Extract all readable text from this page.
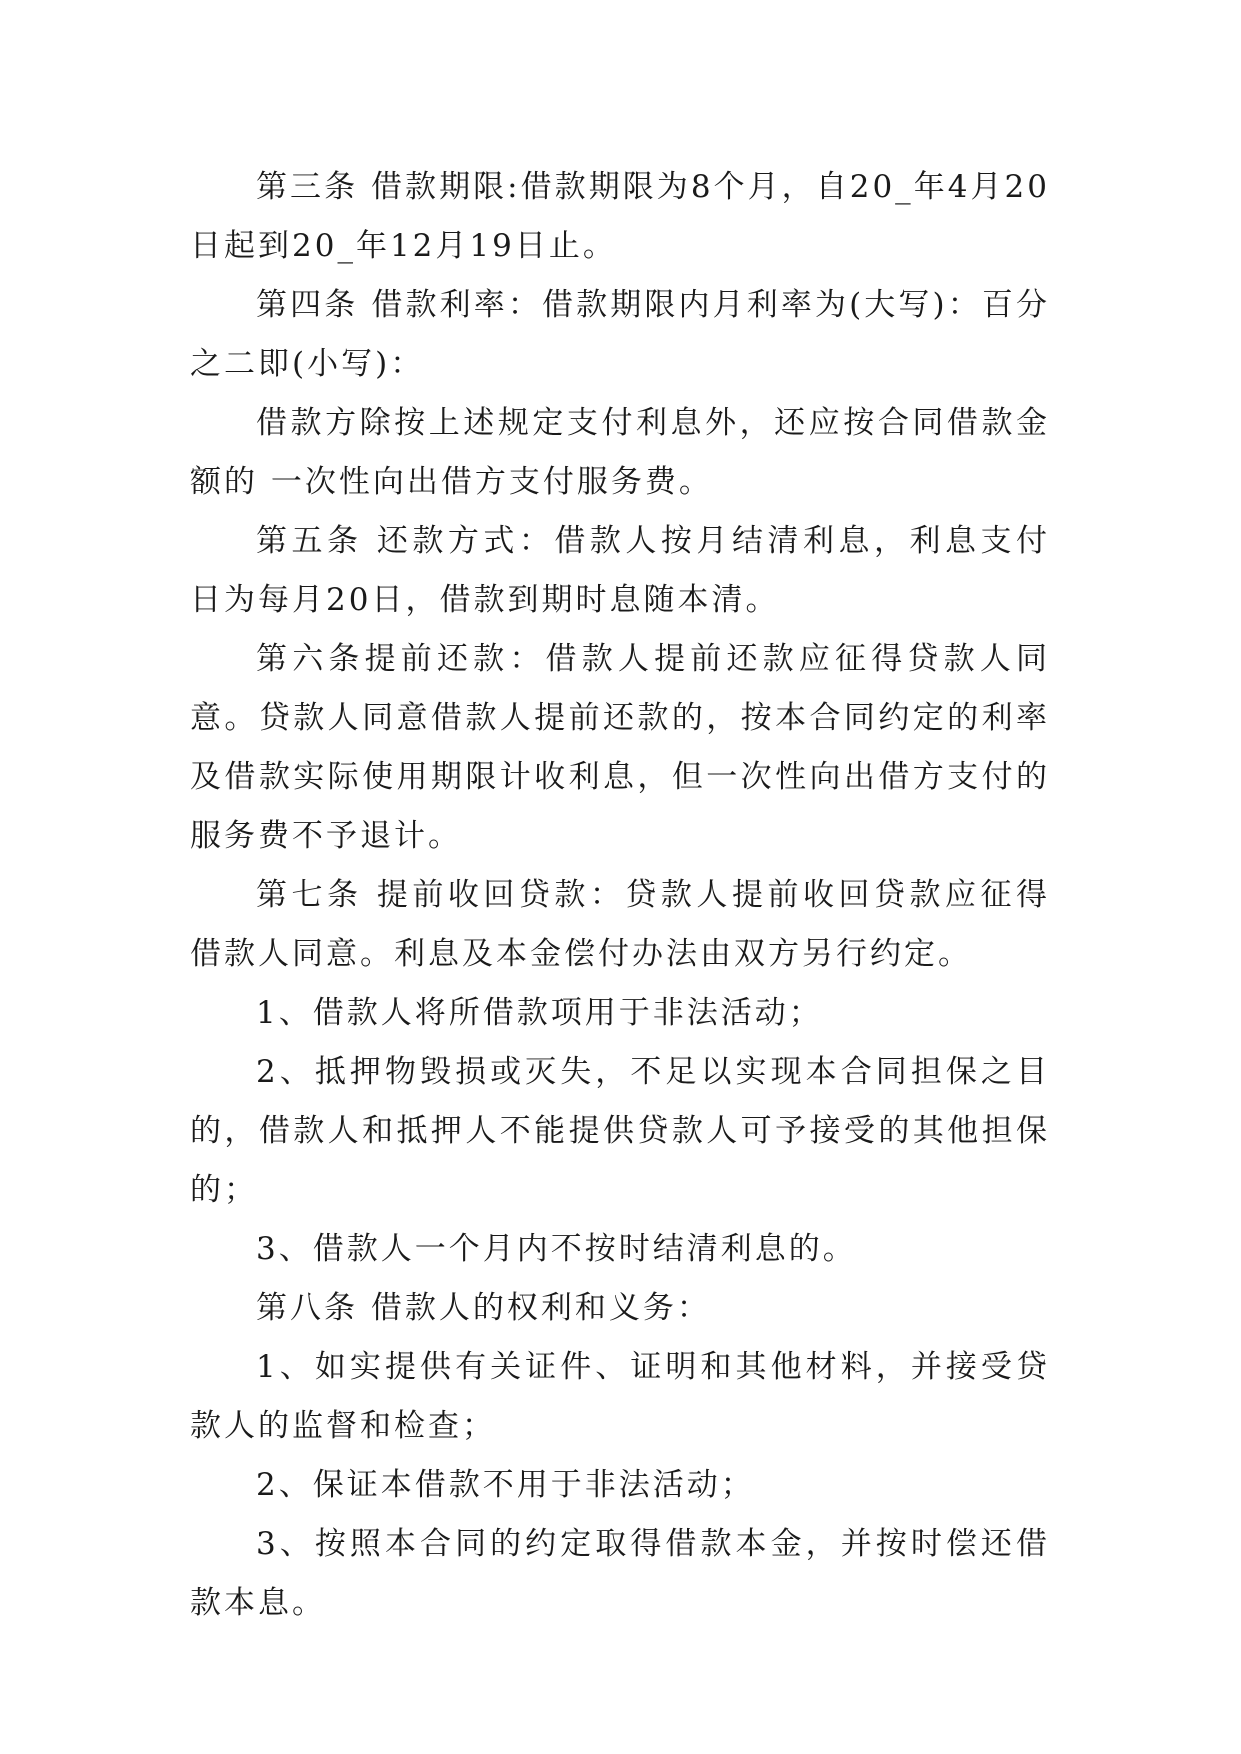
第三条 借款期限:借款期限为8个月，自20_年4月20日起到20_年12月19日止。

第四条 借款利率：借款期限内月利率为(大写)：百分之二即(小写)：

借款方除按上述规定支付利息外，还应按合同借款金额的 一次性向出借方支付服务费。

第五条 还款方式：借款人按月结清利息，利息支付日为每月20日，借款到期时息随本清。

第六条提前还款：借款人提前还款应征得贷款人同意。贷款人同意借款人提前还款的，按本合同约定的利率及借款实际使用期限计收利息，但一次性向出借方支付的服务费不予退计。

第七条 提前收回贷款：贷款人提前收回贷款应征得借款人同意。利息及本金偿付办法由双方另行约定。

1、借款人将所借款项用于非法活动；

2、抵押物毁损或灭失，不足以实现本合同担保之目的，借款人和抵押人不能提供贷款人可予接受的其他担保的；

3、借款人一个月内不按时结清利息的。

第八条 借款人的权利和义务：

1、如实提供有关证件、证明和其他材料，并接受贷款人的监督和检查；

2、保证本借款不用于非法活动；

3、按照本合同的约定取得借款本金，并按时偿还借款本息。
